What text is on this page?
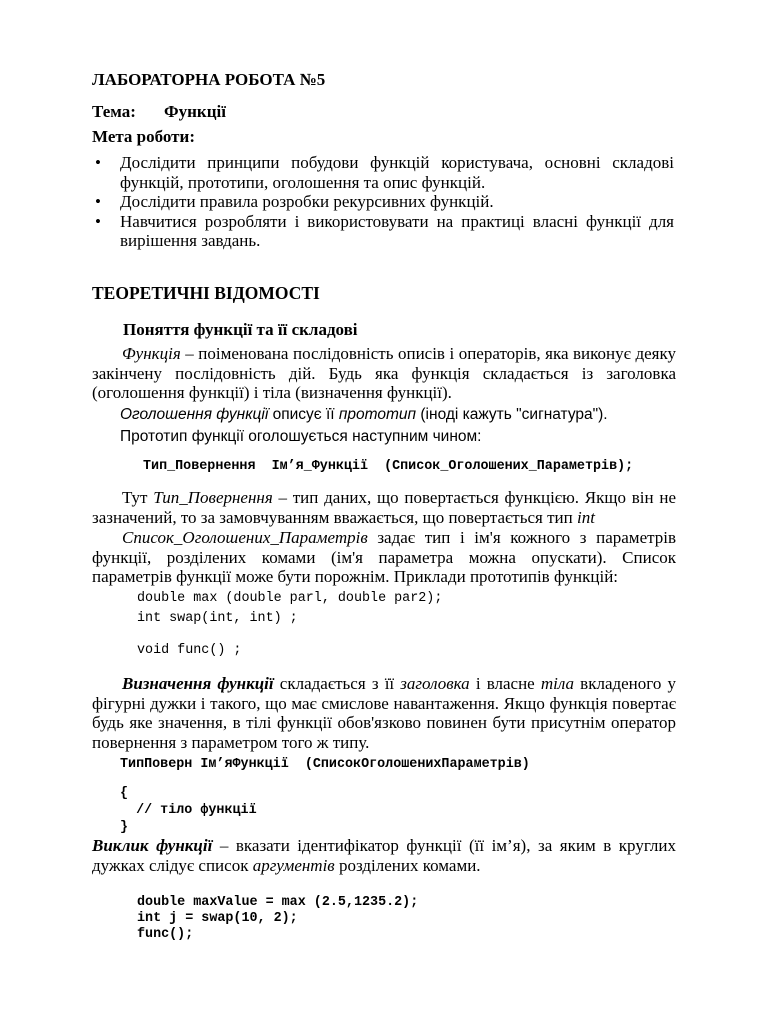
ЛАБОРАТОРНА РОБОТА №5
Тема: Функції
Мета роботи:
• Дослідити принципи побудови функцій користувача, основні складові функцій, прототипи, оголошення та опис функцій.
• Дослідити правила розробки рекурсивних функцій.
• Навчитися розробляти і використовувати на практиці власні функції для вирішення завдань.
ТЕОРЕТИЧНІ ВІДОМОСТІ
Поняття функції та її складові

Функція – поіменована послідовність описів і операторів, яка виконує деяку закінчену послідовність дій. Будь яка функція складається із заголовка (оголошення функції) і тіла (визначення функції).

Оголошення функції описує її прототип (іноді кажуть "сигнатура").
Прототип функції оголошується наступним чином:
Тип_Повернення  Ім’я_Функції  (Список_Оголошених_Параметрів);

Тут Тип_Повернення – тип даних, що повертається функцією. Якщо він не зазначений, то за замовчуванням вважається, що повертається тип int

Список_Оголошених_Параметрів задає тип і ім'я кожного з параметрів функції, розділених комами (ім'я параметра можна опускати). Список параметрів функції може бути порожнім. Приклади прототипів функцій:

double max (double parl, double par2);
int swap(int, int) ;
void func() ;

Визначення функції складається з її заголовка і власне тіла вкладеного у фігурні дужки і такого, що має смислове навантаження. Якщо функція повертає будь яке значення, в тілі функції обов'язково повинен бути присутнім оператор повернення з параметром того ж типу.

ТипПоверн Ім’яФункції  (СписокОголошенихПараметрів)
{
// тіло функції
}

Виклик функції – вказати ідентифікатор функції (її ім’я), за яким в круглих дужках слідує список аргументів розділених комами.

double maxValue = max (2.5,1235.2);
int j = swap(10, 2);
func();
